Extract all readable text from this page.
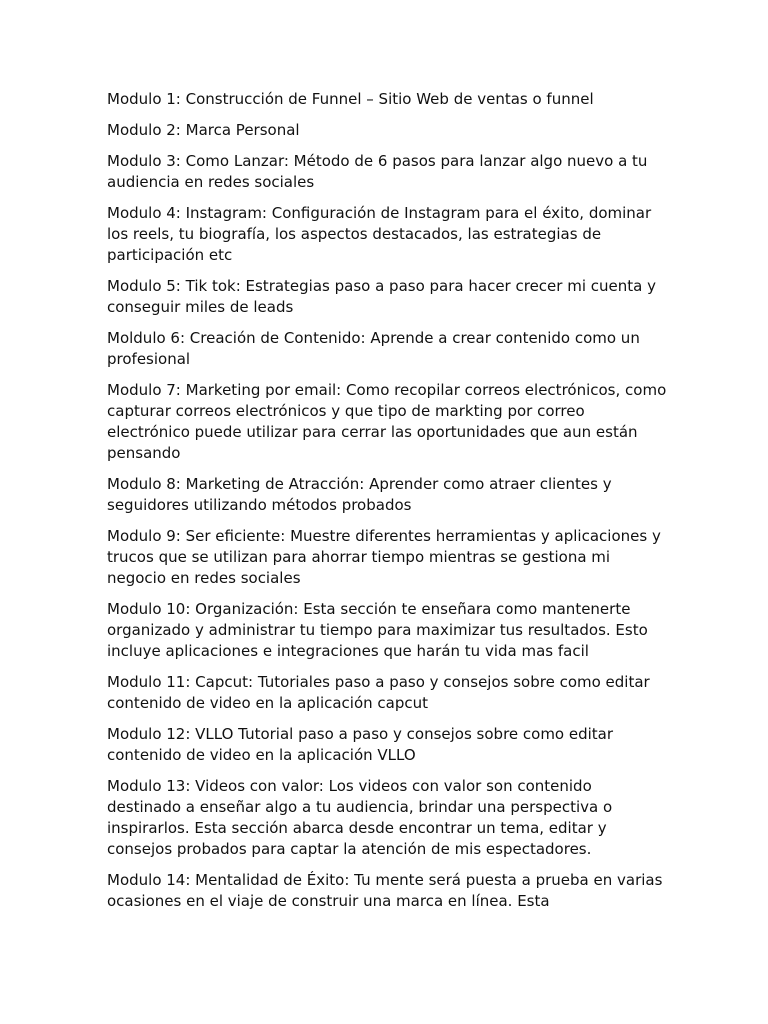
Modulo 1: Construcción de Funnel – Sitio Web de ventas o funnel

Modulo 2: Marca Personal

Modulo 3: Como Lanzar: Método de 6 pasos para lanzar algo nuevo a tu audiencia en redes sociales

Modulo 4: Instagram: Configuración de Instagram para el éxito, dominar los reels, tu biografía, los aspectos destacados, las estrategias de participación etc

Modulo 5: Tik tok: Estrategias paso a paso para hacer crecer mi cuenta y conseguir miles de leads

Moldulo 6: Creación de Contenido: Aprende a crear contenido como un profesional

Modulo 7: Marketing por email: Como recopilar correos electrónicos, como capturar correos electrónicos y que tipo de markting por correo electrónico puede utilizar para cerrar las oportunidades que aun están pensando

Modulo 8: Marketing de Atracción: Aprender como atraer clientes y seguidores utilizando métodos probados

Modulo 9: Ser eficiente: Muestre diferentes herramientas y aplicaciones y trucos que se utilizan para ahorrar tiempo mientras se gestiona mi negocio en redes sociales

Modulo 10: Organización: Esta sección te enseñara como mantenerte organizado y administrar tu tiempo para maximizar tus resultados. Esto incluye aplicaciones e integraciones que harán tu vida mas facil

Modulo 11: Capcut: Tutoriales paso a paso y consejos sobre como editar contenido de video en la aplicación capcut

Modulo 12: VLLO Tutorial paso a paso y consejos sobre como editar contenido de video en la aplicación VLLO

Modulo 13: Videos con valor: Los videos con valor son contenido destinado a enseñar algo a tu audiencia, brindar una perspectiva o inspirarlos. Esta sección abarca desde encontrar un tema, editar y consejos probados para captar la atención de mis espectadores.

Modulo 14: Mentalidad de Éxito: Tu mente será puesta a prueba en varias ocasiones en el viaje de construir una marca en línea. Esta
